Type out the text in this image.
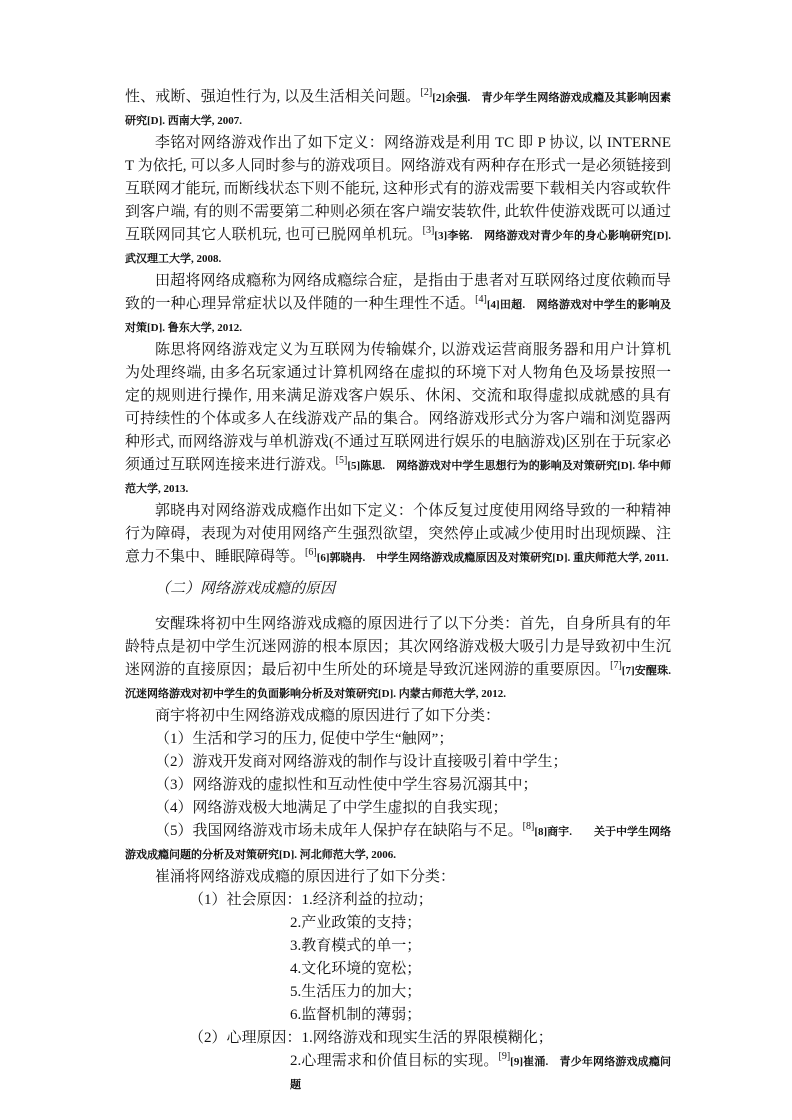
性、戒断、强迫性行为, 以及生活相关问题。[2][2]余强.　青少年学生网络游戏成瘾及其影响因素研究[D]. 西南大学, 2007.

李铭对网络游戏作出了如下定义：网络游戏是利用 TC 即 P 协议, 以 INTERNET 为依托, 可以多人同时参与的游戏项目。网络游戏有两种存在形式一是必须链接到互联网才能玩, 而断线状态下则不能玩, 这种形式有的游戏需要下载相关内容或软件到客户端, 有的则不需要第二种则必须在客户端安装软件, 此软件使游戏既可以通过互联网同其它人联机玩, 也可已脱网单机玩。[3][3]李铭.　网络游戏对青少年的身心影响研究[D]. 武汉理工大学, 2008.

田超将网络成瘾称为网络成瘾综合症，是指由于患者对互联网络过度依赖而导致的一种心理异常症状以及伴随的一种生理性不适。[4][4]田超.　网络游戏对中学生的影响及对策[D]. 鲁东大学, 2012.

陈思将网络游戏定义为互联网为传输媒介, 以游戏运营商服务器和用户计算机为处理终端, 由多名玩家通过计算机网络在虚拟的环境下对人物角色及场景按照一定的规则进行操作, 用来满足游戏客户娱乐、休闲、交流和取得虚拟成就感的具有可持续性的个体或多人在线游戏产品的集合。网络游戏形式分为客户端和浏览器两种形式, 而网络游戏与单机游戏(不通过互联网进行娱乐的电脑游戏)区别在于玩家必须通过互联网连接来进行游戏。[5][5]陈思.　网络游戏对中学生思想行为的影响及对策研究[D]. 华中师范大学, 2013.

郭晓冉对网络游戏成瘾作出如下定义：个体反复过度使用网络导致的一种精神行为障碍，表现为对使用网络产生强烈欲望，突然停止或减少使用时出现烦躁、注意力不集中、睡眠障碍等。[6][6]郭晓冉.　中学生网络游戏成瘾原因及对策研究[D]. 重庆师范大学, 2011.

（二）网络游戏成瘾的原因

安醒珠将初中生网络游戏成瘾的原因进行了以下分类：首先，自身所具有的年龄特点是初中学生沉迷网游的根本原因；其次网络游戏极大吸引力是导致初中生沉迷网游的直接原因；最后初中生所处的环境是导致沉迷网游的重要原因。[7][7]安醒珠.　沉迷网络游戏对初中学生的负面影响分析及对策研究[D]. 内蒙古师范大学, 2012.

商宇将初中生网络游戏成瘾的原因进行了如下分类：

（1）生活和学习的压力, 促使中学生“触网”；

（2）游戏开发商对网络游戏的制作与设计直接吸引着中学生；

（3）网络游戏的虚拟性和互动性使中学生容易沉溺其中；

（4）网络游戏极大地满足了中学生虚拟的自我实现；

（5）我国网络游戏市场未成年人保护存在缺陷与不足。[8][8]商宇.　　关于中学生网络游戏成瘾问题的分析及对策研究[D]. 河北师范大学, 2006.

崔涌将网络游戏成瘾的原因进行了如下分类：

（1）社会原因：1.经济利益的拉动；

2.产业政策的支持；

3.教育模式的单一；

4.文化环境的宽松；

5.生活压力的加大；

6.监督机制的薄弱；

（2）心理原因：1.网络游戏和现实生活的界限模糊化；

2.心理需求和价值目标的实现。[9][9]崔涌.　青少年网络游戏成瘾问题
